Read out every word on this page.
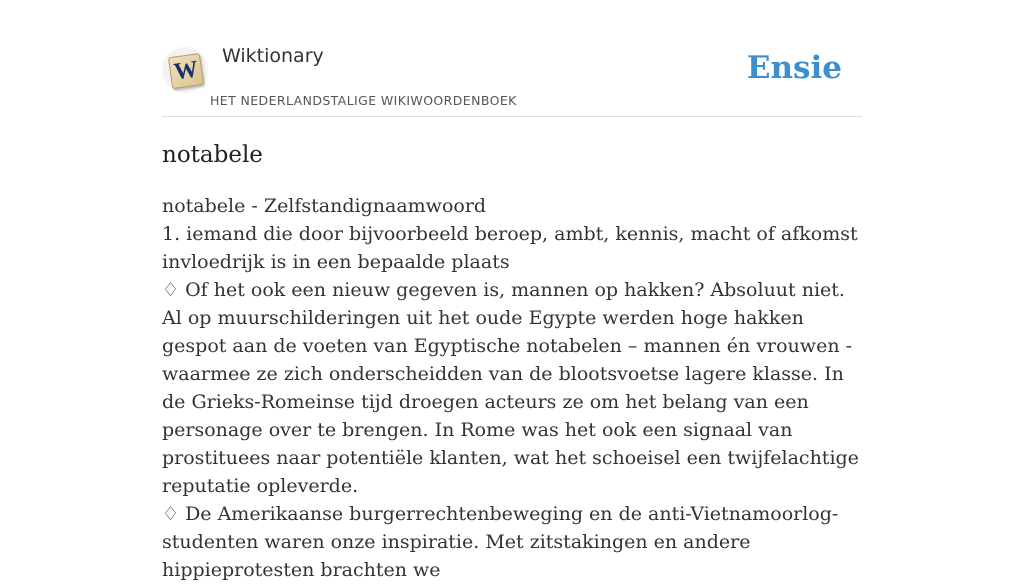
W
Wiktionary
HET NEDERLANDSTALIGE WIKIWOORDENBOEK
Ensie
notabele

notabele - Zelfstandignaamwoord

1. iemand die door bijvoorbeeld beroep, ambt, kennis, macht of afkomst invloedrijk is in een bepaalde plaats

♢ Of het ook een nieuw gegeven is, mannen op hakken? Absoluut niet. Al op muurschilderingen uit het oude Egypte werden hoge hakken gespot aan de voeten van Egyptische notabelen – mannen én vrouwen - waarmee ze zich onderscheidden van de blootsvoetse lagere klasse. In de Grieks-Romeinse tijd droegen acteurs ze om het belang van een personage over te brengen. In Rome was het ook een signaal van prostituees naar potentiële klanten, wat het schoeisel een twijfelachtige reputatie opleverde.

♢ De Amerikaanse burgerrechtenbeweging en de anti-Vietnamoorlog-studenten waren onze inspiratie. Met zitstakingen en andere hippieprotesten brachten we
